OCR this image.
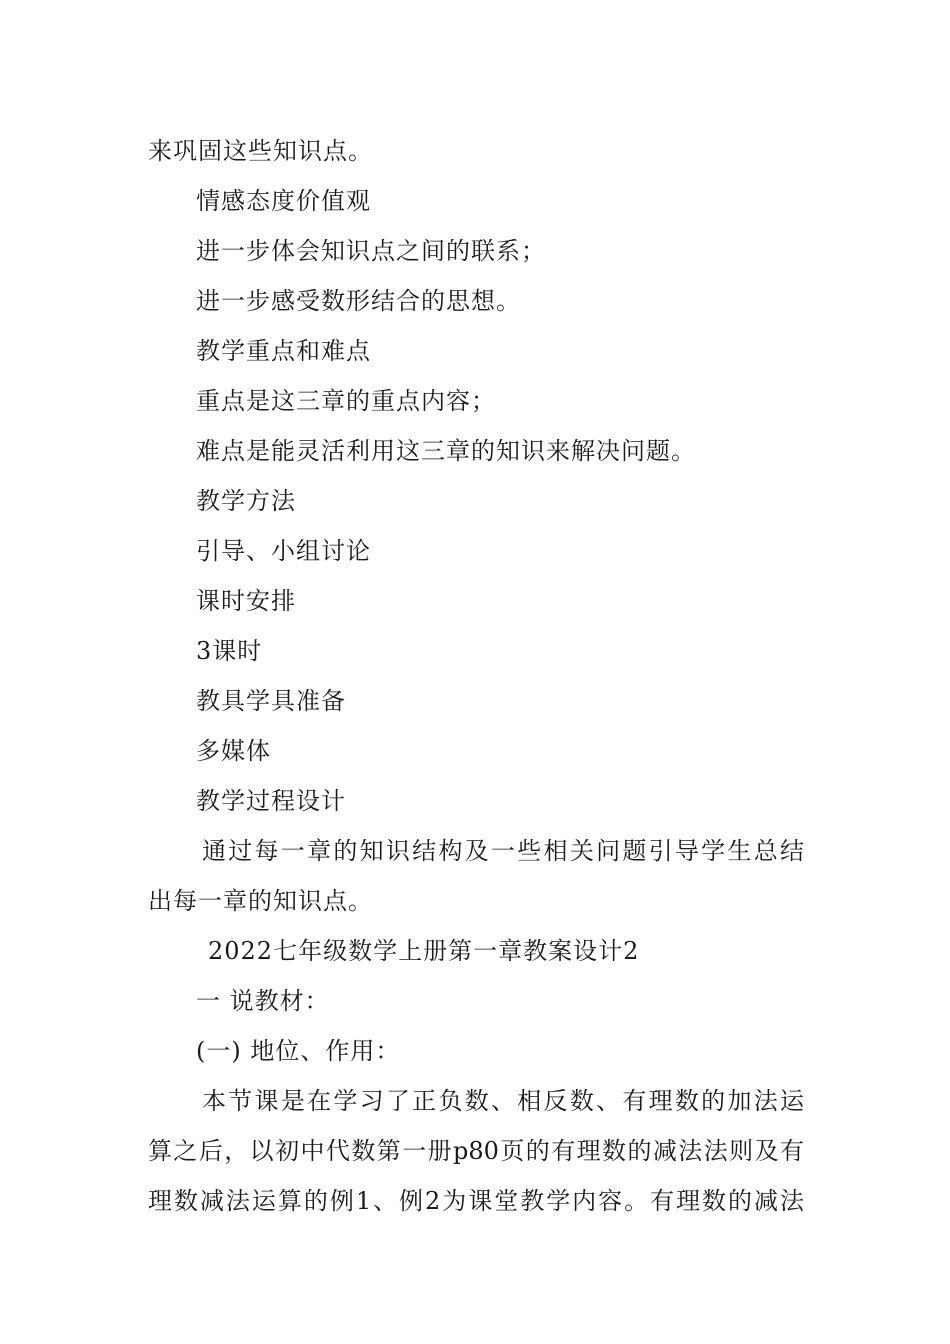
来巩固这些知识点。
情感态度价值观
进一步体会知识点之间的联系；
进一步感受数形结合的思想。
教学重点和难点
重点是这三章的重点内容；
难点是能灵活利用这三章的知识来解决问题。
教学方法
引导、小组讨论
课时安排
3课时
教具学具准备
多媒体
教学过程设计
通过每一章的知识结构及一些相关问题引导学生总结
出每一章的知识点。
2022七年级数学上册第一章教案设计2
一 说教材：
(一) 地位、作用：
本节课是在学习了正负数、相反数、有理数的加法运
算之后，以初中代数第一册p80页的有理数的减法法则及有
理数减法运算的例1、例2为课堂教学内容。有理数的减法
